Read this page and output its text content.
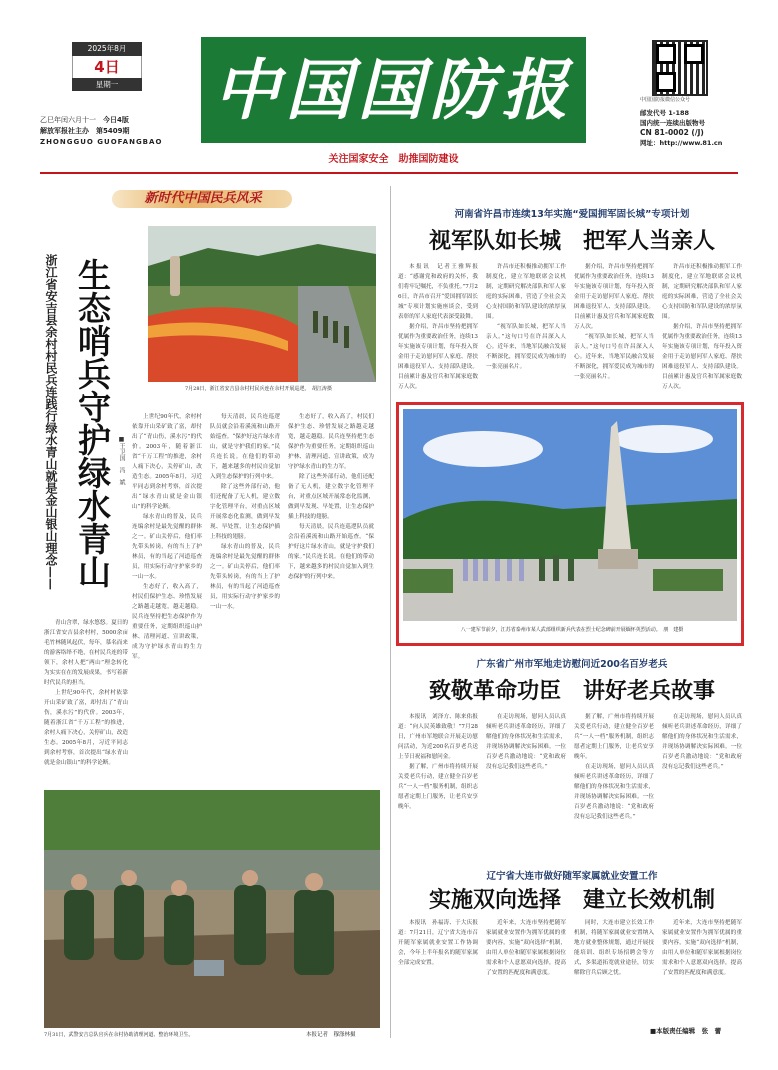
2025年8月
4日
星期一
乙巳年闰六月十一　 今日4版
解放军报社主办　 第5409期
ZHONGGUO GUOFANGBAO
中国国防报
关注国家安全　助推国防建设
中国国防报微信公众号
邮发代号 1-188
国内统一连续出版物号
CN 81-0002 (/J)
网址：http://www.81.cn
新时代中国民兵风采
7月28日，浙江省安吉县余村村民兵连在余村开展巡逻。　胡江涛摄
浙江省安吉县余村村民兵连践行绿水青山就是金山银山理念—— 生态哨兵守护绿水青山 ■王卫国　冯　斌

上世纪90年代，余村村依靠开山采矿致了富，却付出了“青山伤，溪水污”的代价。2003年，随着浙江省“千万工程”的推进，余村人痛下决心，关停矿山，改造生态。2005年8月，习近平同志到余村考察，首次提出“绿水青山就是金山银山”的科学论断。

绿水青山的普及，民兵连编余村是最先觉醒的群体之一。矿山关停后，他们率先带头转岗，有的当上了护林员，有的当起了河道巡查员，用实际行动守护家乡的一山一水。

生态好了，收入高了，村民们保护生态、珍惜发展之路越走越宽，越走越稳。民兵连坚持把生态保护作为重要任务，定期组织巡山护林、清理河道、宣讲政策，成为守护绿水青山的生力军。

每天清晨，民兵连巡逻队员就会沿着溪流和山路开始巡查。“保护好这片绿水青山，就是守护我们的家。”民兵连长说。在他们的带动下，越来越多的村民自觉加入到生态保护的行列中来。

除了这些外部行动，他们还配备了无人机，建立数字化管理平台，对重点区域开展常态化监测，做到早发现、早处置，让生态保护插上科技的翅膀。

绿水青山的普及，民兵连编余村是最先觉醒的群体之一。矿山关停后，他们率先带头转岗，有的当上了护林员，有的当起了河道巡查员，用实际行动守护家乡的一山一水。

生态好了，收入高了，村民们保护生态、珍惜发展之路越走越宽，越走越稳。民兵连坚持把生态保护作为重要任务，定期组织巡山护林、清理河道、宣讲政策，成为守护绿水青山的生力军。

除了这些外部行动，他们还配备了无人机，建立数字化管理平台，对重点区域开展常态化监测，做到早发现、早处置，让生态保护插上科技的翅膀。

每天清晨，民兵连巡逻队员就会沿着溪流和山路开始巡查。“保护好这片绿水青山，就是守护我们的家。”民兵连长说。在他们的带动下，越来越多的村民自觉加入到生态保护的行列中来。

青山含翠，绿水悠悠。夏日的浙江省安吉县余村村，5000余亩毛竹林随风起伏，每年，慕名而来的游客络绎不绝，在村民兵连的带领下，余村人把“两山”理念转化为实实在在的发展成果，书写着新时代民兵的担当。

上世纪90年代，余村村依靠开山采矿致了富，却付出了“青山伤，溪水污”的代价。2003年，随着浙江省“千万工程”的推进，余村人痛下决心，关停矿山，改造生态。2005年8月，习近平同志到余村考察，首次提出“绿水青山就是金山银山”的科学论断。

7月31日，武警安吉总队官兵在余村协助清理河道、整治环境卫生。	本报记者　穆涤林摄
河南省许昌市连续13年实施“爱国拥军固长城”专项计划
视军队如长城　把军人当亲人

本报讯　记者王雅辉报道：“感谢党和政府的关怀，我们将牢记嘱托，不负重托。”7月26日，许昌市召开“爱国拥军固长城”专项计划实施座谈会，受到表彰的军人家庭代表深受鼓舞。

据介绍，许昌市坚持把拥军优属作为重要政治任务，连续13年实施该专项计划，每年投入资金用于走访慰问军人家庭、帮扶困难退役军人、支持部队建设。目前累计惠及官兵和军属家庭数万人次。

许昌市还积极推动拥军工作制度化，建立军地联席会议机制，定期研究解决部队和军人家庭的实际困难，营造了全社会关心支持国防和军队建设的浓厚氛围。

“视军队如长城，把军人当亲人。”这句口号在许昌深入人心。近年来，当地军民融合发展不断深化，拥军爱民成为城市的一张亮丽名片。

据介绍，许昌市坚持把拥军优属作为重要政治任务，连续13年实施该专项计划，每年投入资金用于走访慰问军人家庭、帮扶困难退役军人、支持部队建设。目前累计惠及官兵和军属家庭数万人次。

“视军队如长城，把军人当亲人。”这句口号在许昌深入人心。近年来，当地军民融合发展不断深化，拥军爱民成为城市的一张亮丽名片。

许昌市还积极推动拥军工作制度化，建立军地联席会议机制，定期研究解决部队和军人家庭的实际困难，营造了全社会关心支持国防和军队建设的浓厚氛围。

据介绍，许昌市坚持把拥军优属作为重要政治任务，连续13年实施该专项计划，每年投入资金用于走访慰问军人家庭、帮扶困难退役军人、支持部队建设。目前累计惠及官兵和军属家庭数万人次。

八一建军节前夕，江苏省泰州市某人武部组织新兵代表在烈士纪念碑前开展缅怀英烈活动。　朋　建摄
广东省广州市军地走访慰问近200名百岁老兵
致敬革命功臣　讲好老兵故事

本报讯　刘泽方、陈来佑报道：“向人民英雄致敬！”7月28日，广州市军地联合开展走访慰问活动，为近200名百岁老兵送上节日祝福和慰问金。

据了解，广州市将持续开展关爱老兵行动，建立健全百岁老兵“一人一档”服务机制，组织志愿者定期上门服务，让老兵安享晚年。

在走访现场，慰问人员认真倾听老兵讲述革命经历，详细了解他们的身体状况和生活需求，并现场协调解决实际困难。一位百岁老兵激动地说：“党和政府没有忘记我们这些老兵。”

据了解，广州市将持续开展关爱老兵行动，建立健全百岁老兵“一人一档”服务机制，组织志愿者定期上门服务，让老兵安享晚年。

在走访现场，慰问人员认真倾听老兵讲述革命经历，详细了解他们的身体状况和生活需求，并现场协调解决实际困难。一位百岁老兵激动地说：“党和政府没有忘记我们这些老兵。”

在走访现场，慰问人员认真倾听老兵讲述革命经历，详细了解他们的身体状况和生活需求，并现场协调解决实际困难。一位百岁老兵激动地说：“党和政府没有忘记我们这些老兵。”

辽宁省大连市做好随军家属就业安置工作
实施双向选择　建立长效机制

本报讯　孙福涛、于大庆报道：7月21日，辽宁省大连市召开随军家属就业安置工作协调会，今年上半年报名的随军家属全部完成安置。

近年来，大连市坚持把随军家属就业安置作为拥军优属的重要内容，实施“双向选择”机制，由用人单位和随军家属根据岗位需求和个人意愿双向选择，提高了安置的匹配度和满意度。

同时，大连市建立长效工作机制，将随军家属就业安置纳入地方就业整体规划，通过开展技能培训、组织专场招聘会等方式，多渠道拓宽就业途径，切实解除官兵后顾之忧。

近年来，大连市坚持把随军家属就业安置作为拥军优属的重要内容，实施“双向选择”机制，由用人单位和随军家属根据岗位需求和个人意愿双向选择，提高了安置的匹配度和满意度。

■本版责任编辑　张　蕾
